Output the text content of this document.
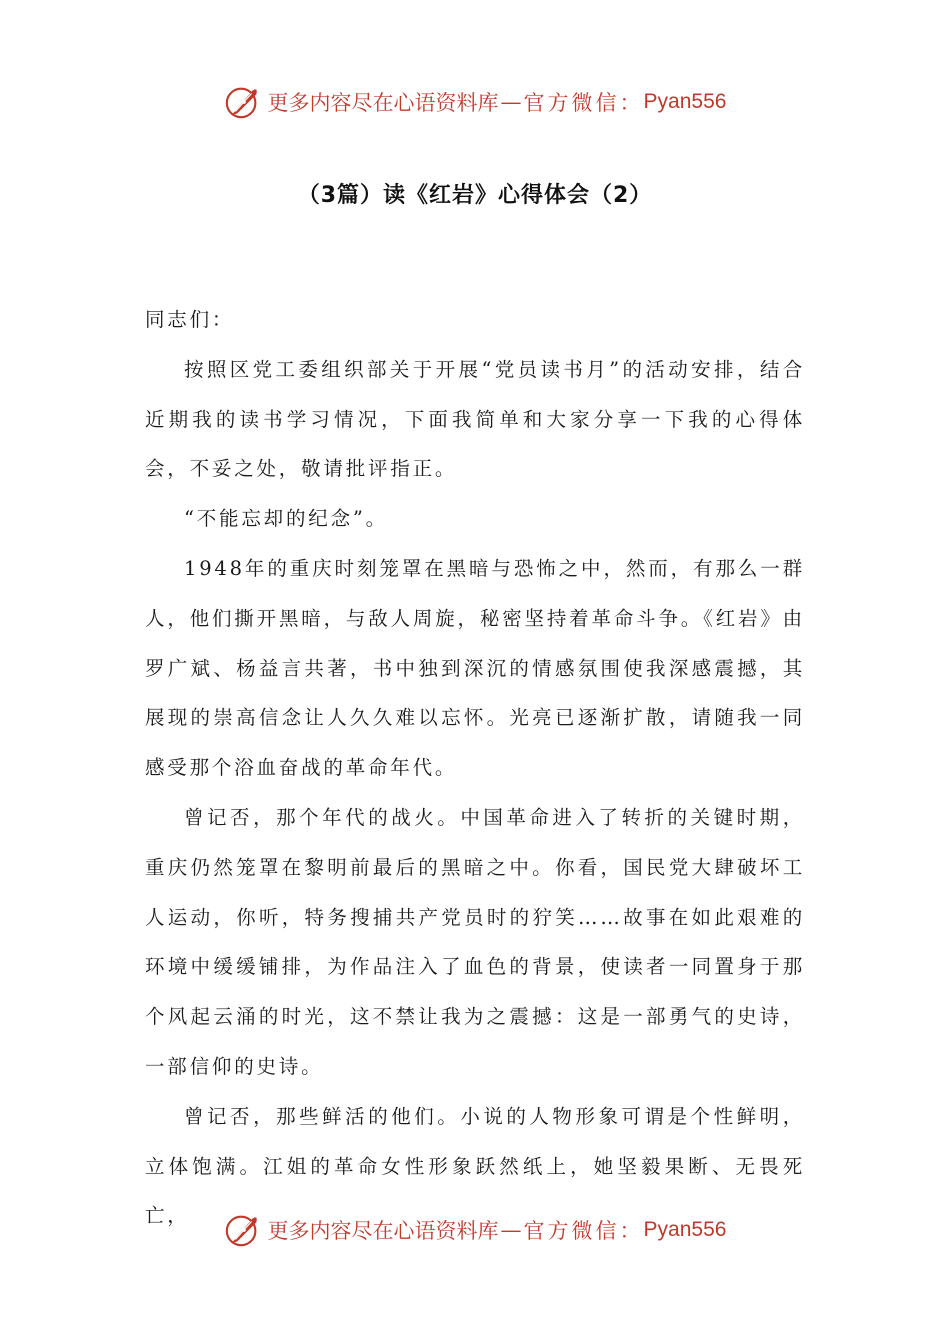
更多内容尽在心语资料库 — 官方微信： Pyan556
（3篇）读《红岩》心得体会（2）

同志们：

按照区党工委组织部关于开展“党员读书月”的活动安排，结合近期我的读书学习情况，下面我简单和大家分享一下我的心得体会，不妥之处，敬请批评指正。

“不能忘却的纪念”。

1948年的重庆时刻笼罩在黑暗与恐怖之中，然而，有那么一群人，他们撕开黑暗，与敌人周旋，秘密坚持着革命斗争。《红岩》由罗广斌、杨益言共著，书中独到深沉的情感氛围使我深感震撼，其展现的崇高信念让人久久难以忘怀。光亮已逐渐扩散，请随我一同感受那个浴血奋战的革命年代。

曾记否，那个年代的战火。中国革命进入了转折的关键时期，重庆仍然笼罩在黎明前最后的黑暗之中。你看，国民党大肆破坏工人运动，你听，特务搜捕共产党员时的狞笑……故事在如此艰难的环境中缓缓铺排，为作品注入了血色的背景，使读者一同置身于那个风起云涌的时光，这不禁让我为之震撼：这是一部勇气的史诗，一部信仰的史诗。

曾记否，那些鲜活的他们。小说的人物形象可谓是个性鲜明，立体饱满。江姐的革命女性形象跃然纸上，她坚毅果断、无畏死亡，

更多内容尽在心语资料库 — 官方微信： Pyan556
